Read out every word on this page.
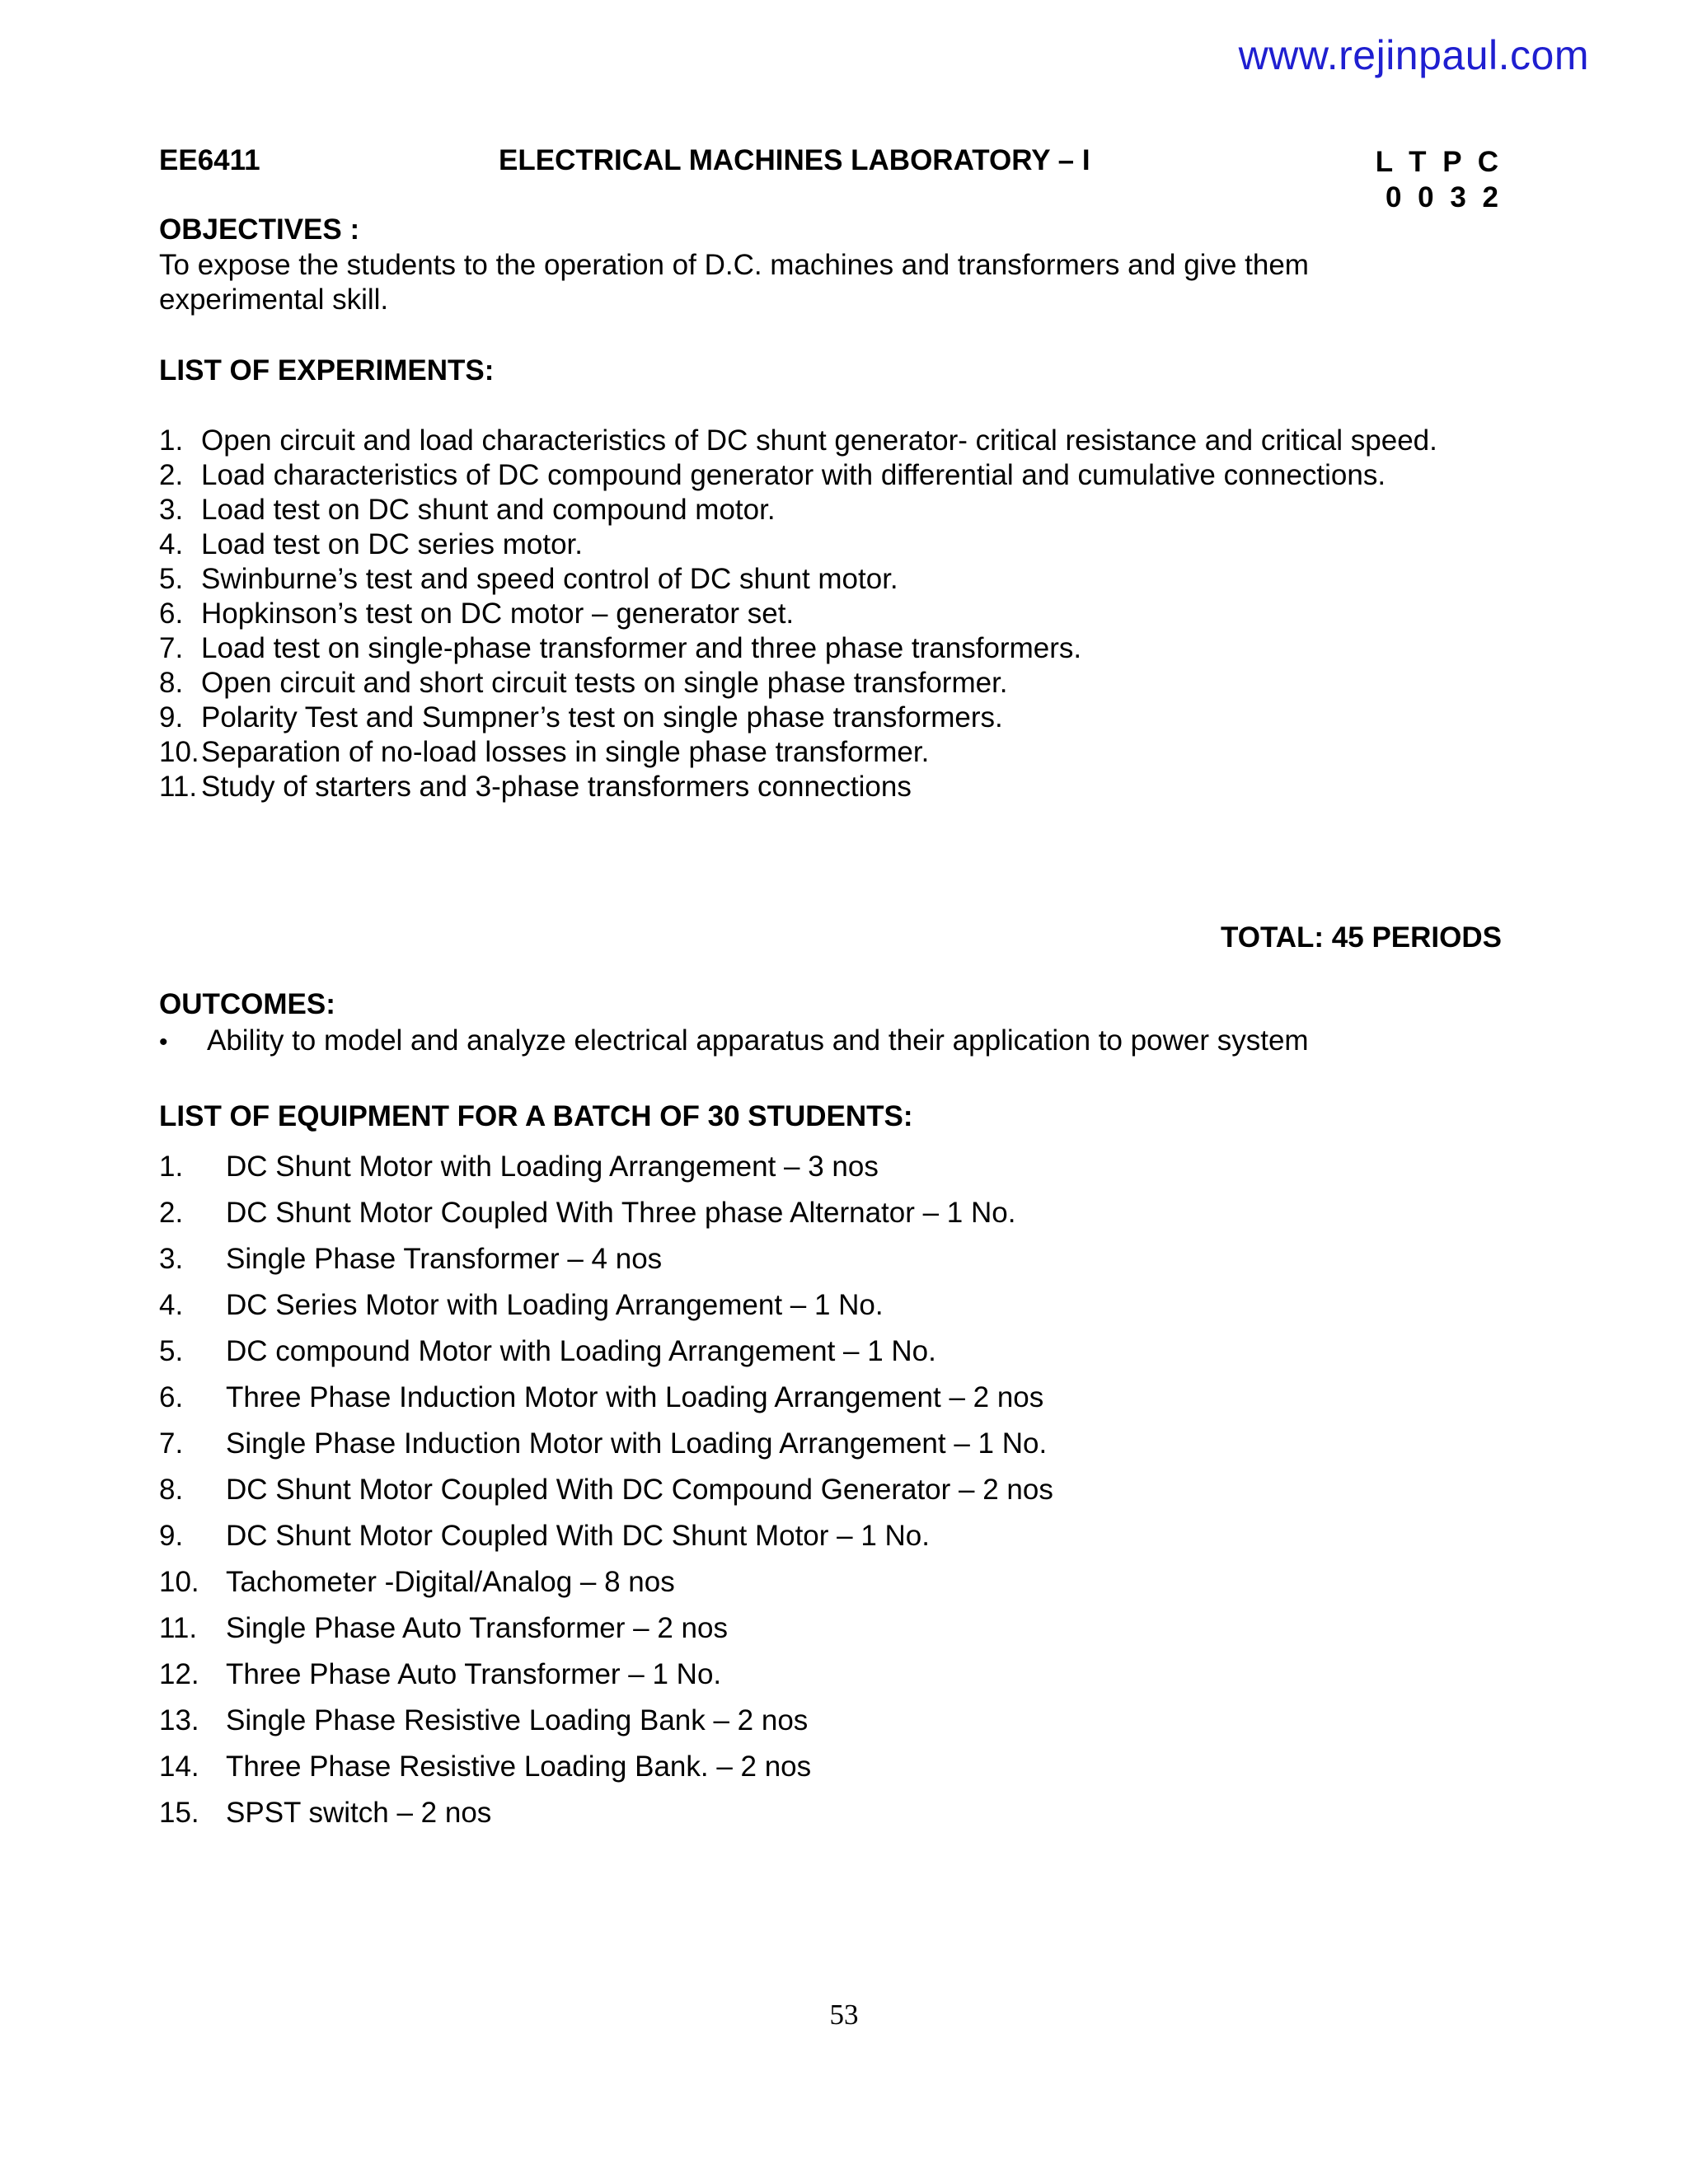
www.rejinpaul.com
EE6411	ELECTRICAL MACHINES LABORATORY – I	L T P C
0 0 3 2
OBJECTIVES :
To expose the students to the operation of D.C. machines and transformers and give them experimental skill.
LIST OF EXPERIMENTS:
1. Open circuit and load characteristics of DC shunt generator- critical resistance and critical speed.
2. Load characteristics of DC compound generator with differential and cumulative connections.
3. Load test on DC shunt and compound motor.
4. Load test on DC series motor.
5. Swinburne’s test and speed control of DC shunt motor.
6. Hopkinson’s test on DC motor – generator set.
7. Load test on single-phase transformer and three phase transformers.
8. Open circuit and short circuit tests on single phase transformer.
9. Polarity Test and Sumpner’s test on single phase transformers.
10.Separation of no-load losses in single phase transformer.
11. Study of starters and 3-phase transformers connections
TOTAL: 45 PERIODS
OUTCOMES:
• Ability to model and analyze electrical apparatus and their application to power system
LIST OF EQUIPMENT FOR A BATCH OF 30 STUDENTS:
1. DC Shunt Motor with Loading Arrangement – 3 nos
2. DC Shunt Motor Coupled With Three phase Alternator – 1 No.
3. Single Phase Transformer – 4 nos
4. DC Series Motor with Loading Arrangement – 1 No.
5. DC compound Motor with Loading Arrangement – 1 No.
6. Three Phase Induction Motor with Loading Arrangement – 2 nos
7. Single Phase Induction Motor with Loading Arrangement – 1 No.
8. DC Shunt Motor Coupled With DC Compound Generator – 2 nos
9. DC Shunt Motor Coupled With DC Shunt Motor – 1 No.
10. Tachometer -Digital/Analog – 8 nos
11. Single Phase Auto Transformer – 2 nos
12. Three Phase Auto Transformer – 1 No.
13. Single Phase Resistive Loading Bank – 2 nos
14. Three Phase Resistive Loading Bank. – 2 nos
15. SPST switch – 2 nos
53
